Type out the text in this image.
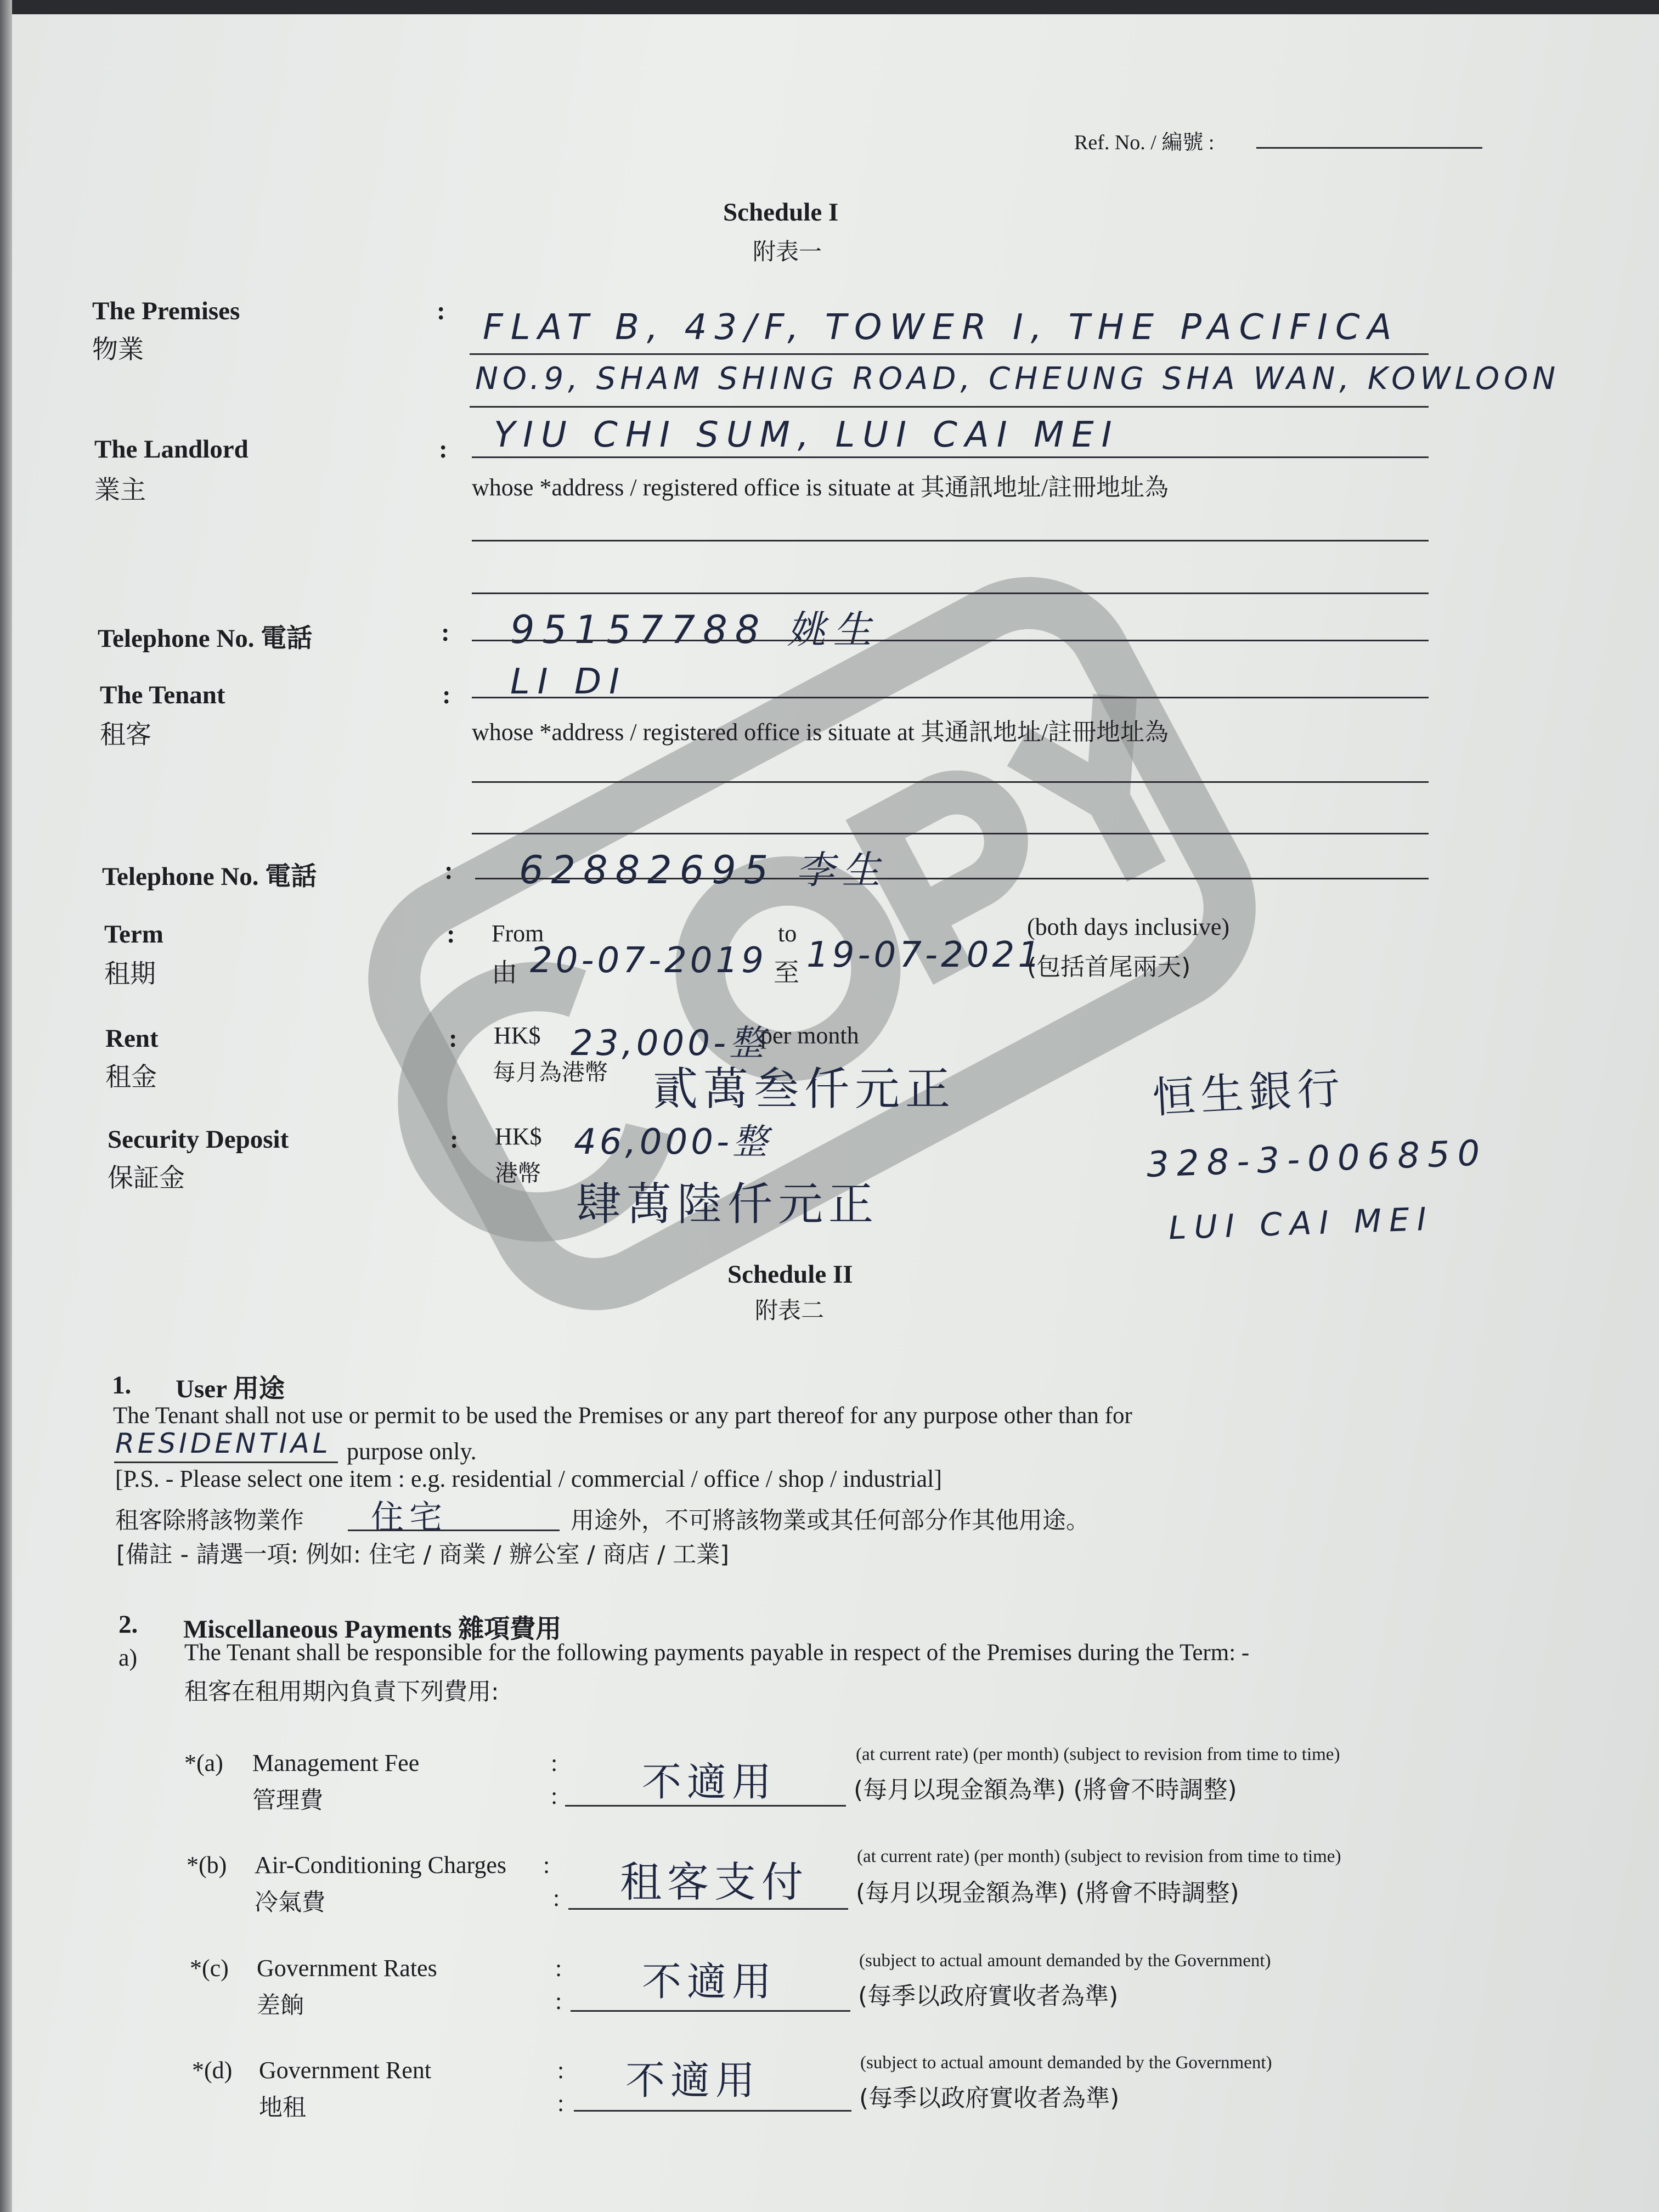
Ref. No. / 編號 :
Schedule I
附表一
The Premises
物業
: FLAT B, 43/F, TOWER I, THE PACIFICA
NO.9, SHAM SHING ROAD, CHEUNG SHA WAN, KOWLOON
The Landlord
業主
: YIU CHI SUM, LUI CAI MEI
whose *address / registered office is situate at 其通訊地址/註冊地址為
Telephone No. 電話	: 95157788 姚生
The Tenant
租客
: LI DI
whose *address / registered office is situate at 其通訊地址/註冊地址為
Telephone No. 電話	: 62882695 李生
Term
租期
: From
由 20-07-2019
to
至 19-07-2021
(both days inclusive)
(包括首尾兩天)
Rent
租金
: HK$
每月為港幣
23,000-整
per month
貳萬叁仟元正
Security Deposit
保証金
: HK$
港幣
46,000-整
肆萬陸仟元正
恒生銀行
328-3-006850
LUI CAI MEI
Schedule II
附表二
1. User 用途
The Tenant shall not use or permit to be used the Premises or any part thereof for any purpose other than for
RESIDENTIAL purpose only.
[P.S. - Please select one item : e.g. residential / commercial / office / shop / industrial]
租客除將該物業作 住宅	用途外，不可將該物業或其任何部分作其他用途。
[備註 - 請選一項: 例如: 住宅 / 商業 / 辦公室 / 商店 / 工業]
2. Miscellaneous Payments 雜項費用
a) The Tenant shall be responsible for the following payments payable in respect of the Premises during the Term: -
租客在租用期內負責下列費用:
*(a) Management Fee
管理費
:
: 不適用
(at current rate) (per month) (subject to revision from time to time)
(每月以現金額為準) (將會不時調整)
*(b) Air-Conditioning Charges
冷氣費
:
: 租客支付
(at current rate) (per month) (subject to revision from time to time)
(每月以現金額為準) (將會不時調整)
*(c) Government Rates
差餉
:
: 不適用	(subject to actual amount demanded by the Government)
(每季以政府實收者為準)
*(d) Government Rent
地租
:
: 不適用	(subject to actual amount demanded by the Government)
(每季以政府實收者為準)
